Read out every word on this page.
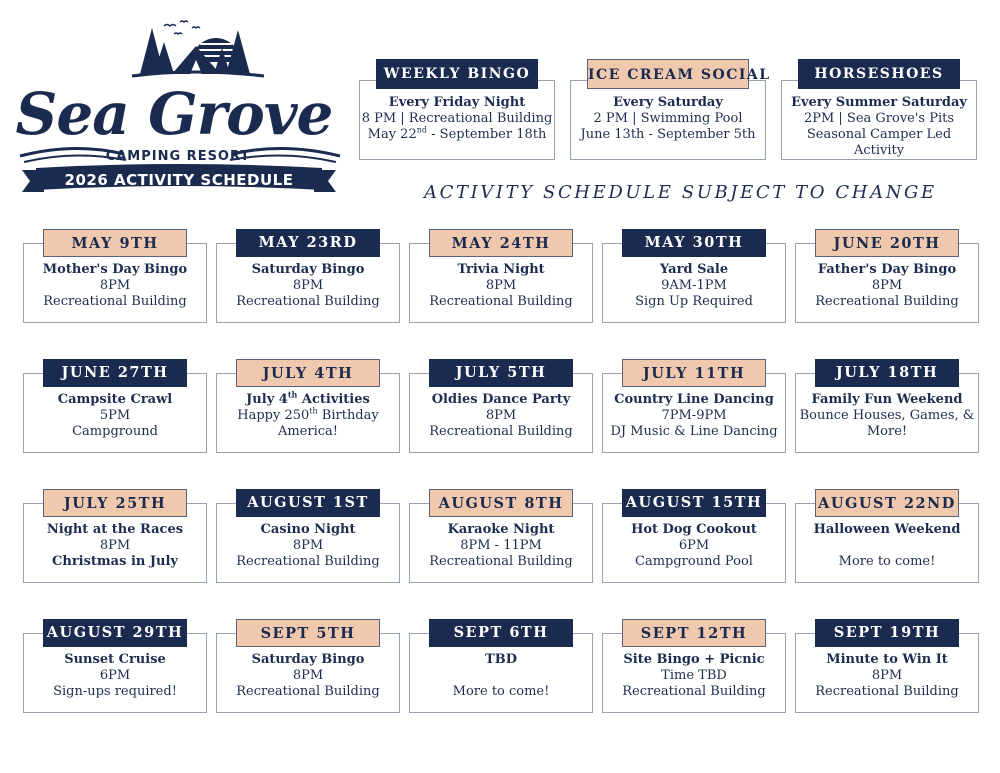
Sea Grove
CAMPING RESORT
2026 ACTIVITY SCHEDULE
WEEKLY BINGO
Every Friday Night
8 PM | Recreational Building
May 22nd - September 18th
ICE CREAM SOCIAL
Every Saturday
2 PM | Swimming Pool
June 13th - September 5th
HORSESHOES
Every Summer Saturday
2PM | Sea Grove's Pits
Seasonal Camper Led Activity
ACTIVITY SCHEDULE SUBJECT TO CHANGE
MAY 9TH
Mother's Day Bingo
8PM
Recreational Building
MAY 23RD
Saturday Bingo
8PM
Recreational Building
MAY 24TH
Trivia Night
8PM
Recreational Building
MAY 30TH
Yard Sale
9AM-1PM
Sign Up Required
JUNE 20TH
Father's Day Bingo
8PM
Recreational Building
JUNE 27TH
Campsite Crawl
5PM
Campground
JULY 4TH
July 4th Activities
Happy 250th Birthday
America!
JULY 5TH
Oldies Dance Party
8PM
Recreational Building
JULY 11TH
Country Line Dancing
7PM-9PM
DJ Music & Line Dancing
JULY 18TH
Family Fun Weekend
Bounce Houses, Games, &
More!
JULY 25TH
Night at the Races
8PM
Christmas in July
AUGUST 1ST
Casino Night
8PM
Recreational Building
AUGUST 8TH
Karaoke Night
8PM - 11PM
Recreational Building
AUGUST 15TH
Hot Dog Cookout
6PM
Campground Pool
AUGUST 22ND
Halloween Weekend

More to come!
AUGUST 29TH
Sunset Cruise
6PM
Sign-ups required!
SEPT 5TH
Saturday Bingo
8PM
Recreational Building
SEPT 6TH
TBD

More to come!
SEPT 12TH
Site Bingo + Picnic
Time TBD
Recreational Building
SEPT 19TH
Minute to Win It
8PM
Recreational Building
